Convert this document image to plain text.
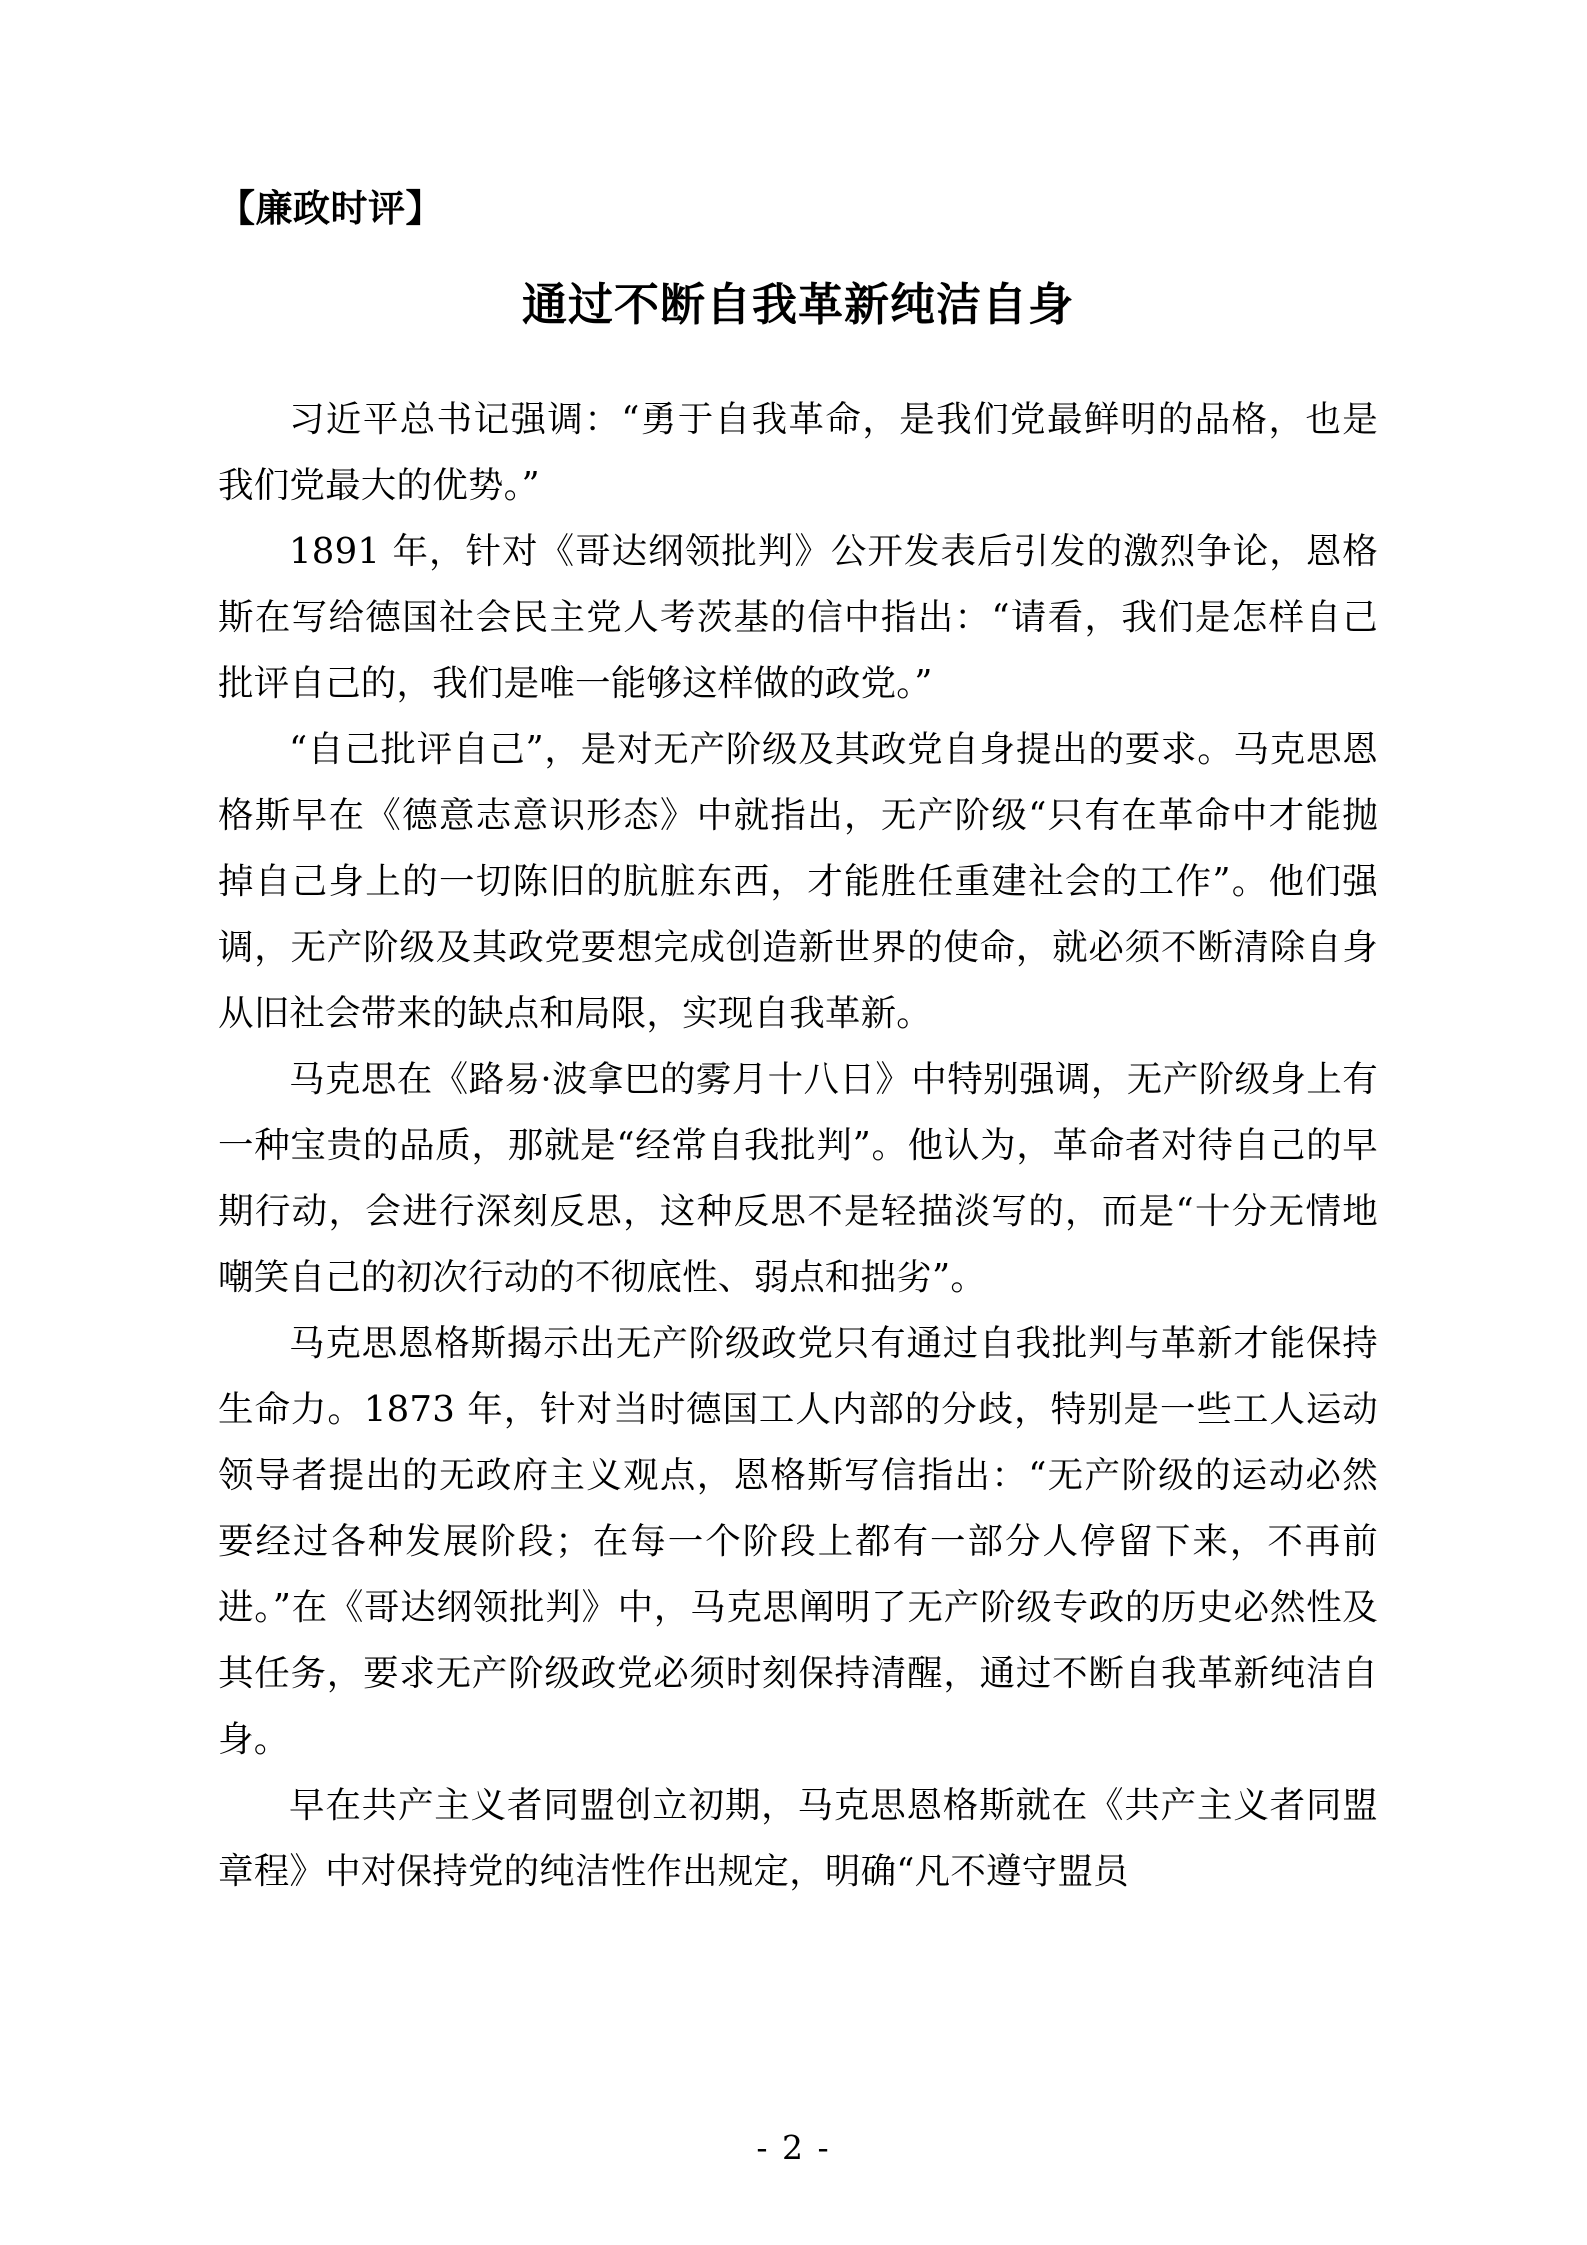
【廉政时评】
通过不断自我革新纯洁自身

习近平总书记强调：“勇于自我革命，是我们党最鲜明的品格，也是我们党最大的优势。”

1891 年，针对《哥达纲领批判》公开发表后引发的激烈争论，恩格斯在写给德国社会民主党人考茨基的信中指出：“请看，我们是怎样自己批评自己的，我们是唯一能够这样做的政党。”

“自己批评自己”，是对无产阶级及其政党自身提出的要求。马克思恩格斯早在《德意志意识形态》中就指出，无产阶级“只有在革命中才能抛掉自己身上的一切陈旧的肮脏东西，才能胜任重建社会的工作”。他们强调，无产阶级及其政党要想完成创造新世界的使命，就必须不断清除自身从旧社会带来的缺点和局限，实现自我革新。

马克思在《路易·波拿巴的雾月十八日》中特别强调，无产阶级身上有一种宝贵的品质，那就是“经常自我批判”。他认为，革命者对待自己的早期行动，会进行深刻反思，这种反思不是轻描淡写的，而是“十分无情地嘲笑自己的初次行动的不彻底性、弱点和拙劣”。

马克思恩格斯揭示出无产阶级政党只有通过自我批判与革新才能保持生命力。1873 年，针对当时德国工人内部的分歧，特别是一些工人运动领导者提出的无政府主义观点，恩格斯写信指出：“无产阶级的运动必然要经过各种发展阶段；在每一个阶段上都有一部分人停留下来，不再前进。”在《哥达纲领批判》中，马克思阐明了无产阶级专政的历史必然性及其任务，要求无产阶级政党必须时刻保持清醒，通过不断自我革新纯洁自身。

早在共产主义者同盟创立初期，马克思恩格斯就在《共产主义者同盟章程》中对保持党的纯洁性作出规定，明确“凡不遵守盟员

- 2 -
